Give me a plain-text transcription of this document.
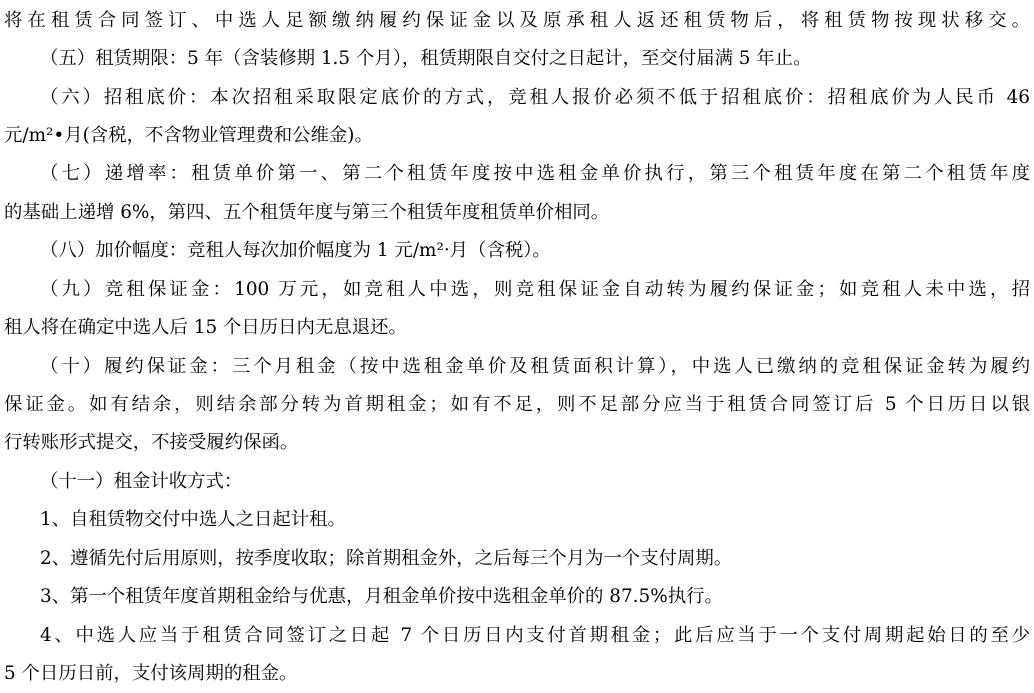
将在租赁合同签订、中选人足额缴纳履约保证金以及原承租人返还租赁物后，将租赁物按现状移交。
（五）租赁期限：5 年（含装修期 1.5 个月），租赁期限自交付之日起计，至交付届满 5 年止。
（六）招租底价：本次招租采取限定底价的方式，竞租人报价必须不低于招租底价：招租底价为人民币 46
元/m²•月(含税，不含物业管理费和公维金)。
（七）递增率：租赁单价第一、第二个租赁年度按中选租金单价执行，第三个租赁年度在第二个租赁年度
的基础上递增 6%，第四、五个租赁年度与第三个租赁年度租赁单价相同。
（八）加价幅度：竞租人每次加价幅度为 1 元/m²·月（含税）。
（九）竞租保证金：100 万元，如竞租人中选，则竞租保证金自动转为履约保证金；如竞租人未中选，招
租人将在确定中选人后 15 个日历日内无息退还。
（十）履约保证金：三个月租金（按中选租金单价及租赁面积计算），中选人已缴纳的竞租保证金转为履约
保证金。如有结余，则结余部分转为首期租金；如有不足，则不足部分应当于租赁合同签订后 5 个日历日以银
行转账形式提交，不接受履约保函。
（十一）租金计收方式：
1、自租赁物交付中选人之日起计租。
2、遵循先付后用原则，按季度收取；除首期租金外，之后每三个月为一个支付周期。
3、第一个租赁年度首期租金给与优惠，月租金单价按中选租金单价的 87.5%执行。
4、中选人应当于租赁合同签订之日起 7 个日历日内支付首期租金；此后应当于一个支付周期起始日的至少
5 个日历日前，支付该周期的租金。
